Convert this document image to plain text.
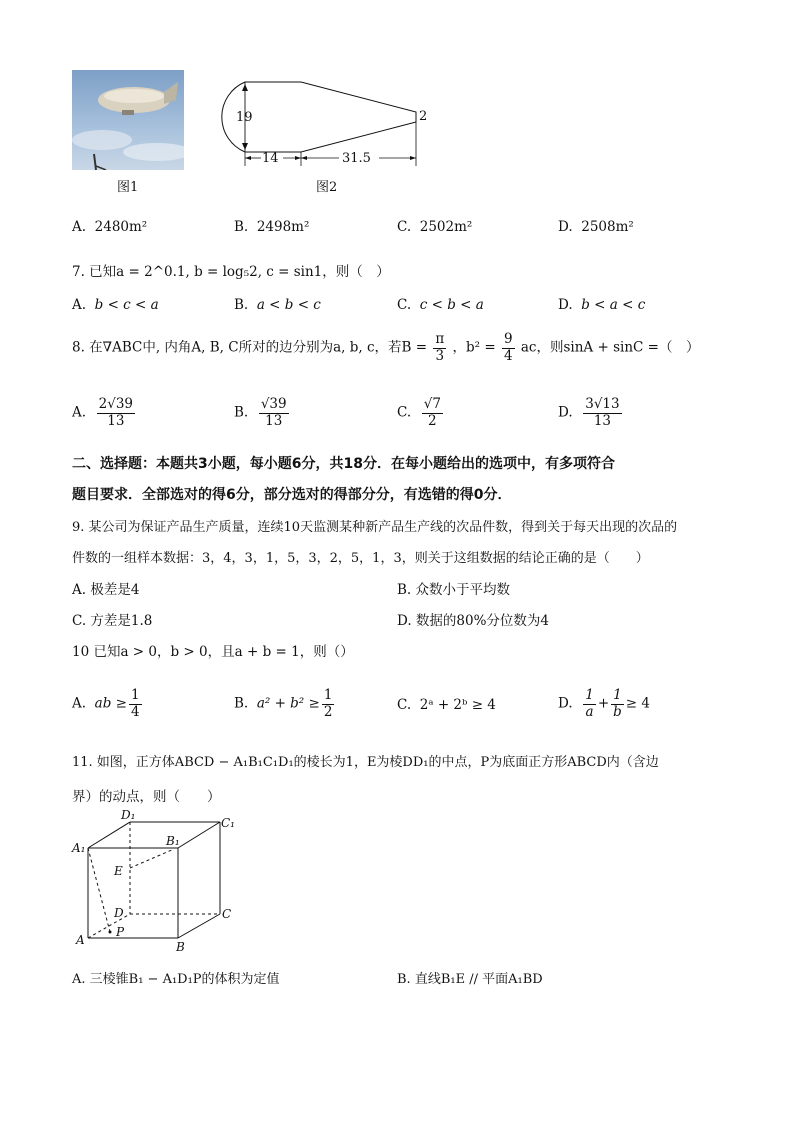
图1
19	2
14	31.5
图2
A. 2480m²	B. 2498m²	C. 2502m²	D. 2508m²
7. 已知a = 2^0.1, b = log₅2, c = sin1，则（　）
A. b < c < a	B. a < b < c	C. c < b < a	D. b < a < c
8. 在∇ABC中, 内角A, B, C所对的边分别为a, b, c，若$B = \frac{\pi}{3}$ ，$b^2 = \frac{9}{4}$ ac，则sinA + sinC =（　）
A. $\frac{2√39}{13}$	B. $\frac{√39}{13}$	C. $\frac{√7}{2}$	D. $\frac{3√13}{13}$
二、选择题：本题共3小题，每小题6分，共18分．在每小题给出的选项中，有多项符合
题目要求．全部选对的得6分，部分选对的得部分分，有选错的得0分．
9. 某公司为保证产品生产质量，连续10天监测某种新产品生产线的次品件数，得到关于每天出现的次品的
件数的一组样本数据：3，4，3，1，5，3，2，5，1，3，则关于这组数据的结论正确的是（　　）
A. 极差是4	B. 众数小于平均数
C. 方差是1.8	D. 数据的80%分位数为4
10 已知a > 0，b > 0，且a + b = 1，则（）
A. ab ≥ $\frac{1}{4}$	B. $a^2 + b^2 \ge \frac{1}{2}$	C. 2ᵃ + 2ᵇ ≥ 4	D. $\frac{1}{a} + \frac{1}{b} \ge 4$
11. 如图，正方体ABCD − A₁B₁C₁D₁的棱长为1，E为棱DD₁的中点，P为底面正方形ABCD内（含边
界）的动点，则（　　）
D₁
C₁
A₁	B₁
E
D	C
P
A	B
A. 三棱锥B₁ − A₁D₁P的体积为定值	B. 直线B₁E // 平面A₁BD
